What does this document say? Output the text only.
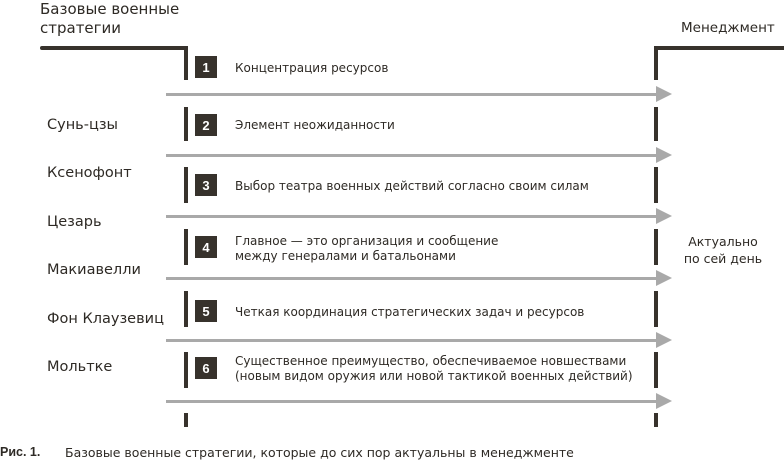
Базовые военные
стратегии	Менеджмент
Сунь-цзы
Ксенофонт
Цезарь
Макиавелли
Фон Клаузевиц
Мольтке
1	Концентрация ресурсов
2	Элемент неожиданности
3	Выбор театра военных действий согласно своим силам
4	Главное — это организация и сообщение
между генералами и батальонами
5	Четкая координация стратегических задач и ресурсов
6	Существенное преимущество, обеспечиваемое новшествами
(новым видом оружия или новой тактикой военных действий)
Актуально
по сей день
Рис. 1. Базовые военные стратегии, которые до сих пор актуальны в менеджменте
